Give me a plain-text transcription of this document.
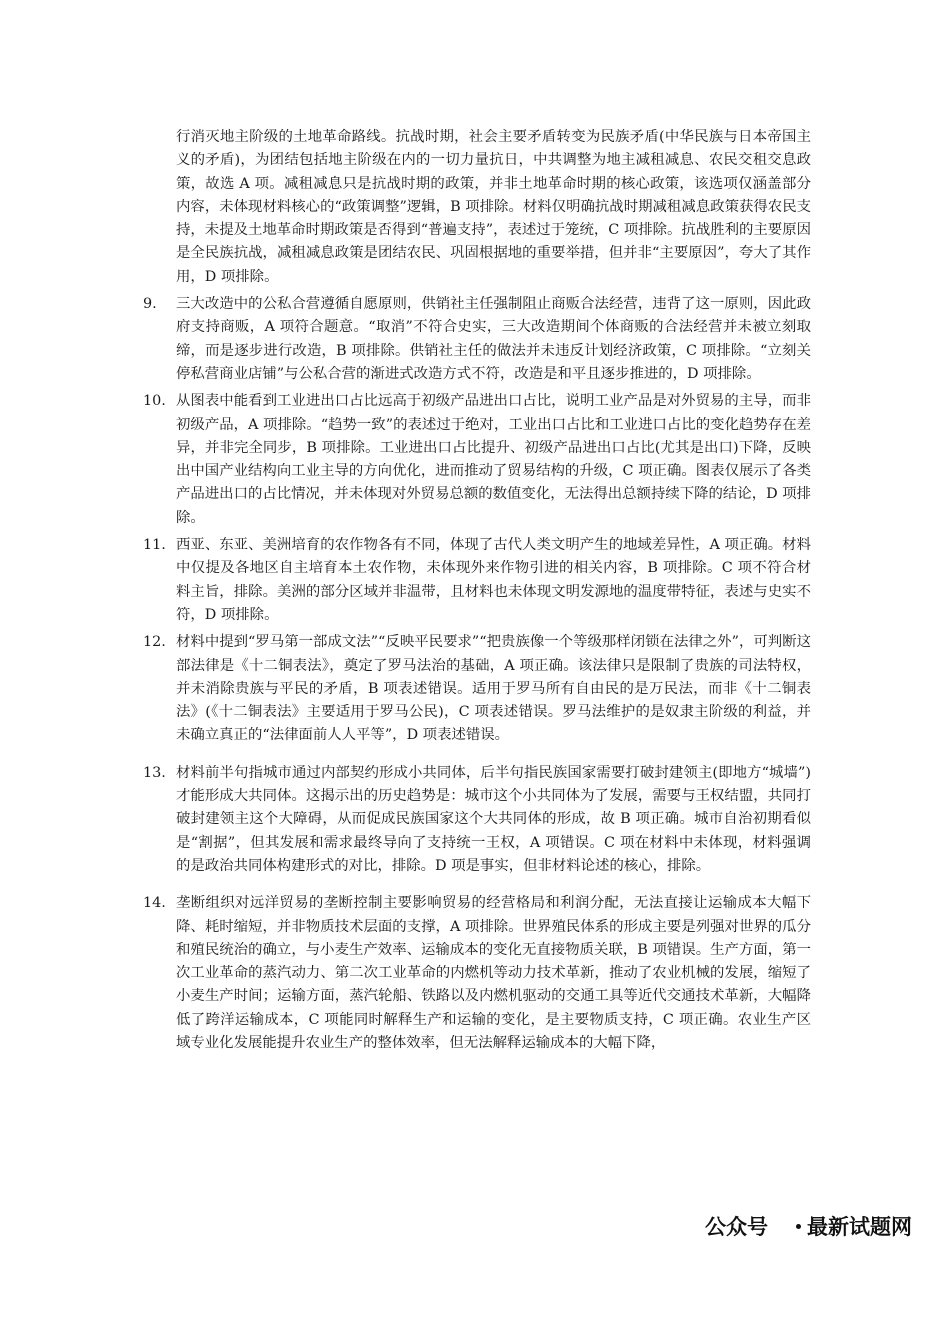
行消灭地主阶级的土地革命路线。抗战时期，社会主要矛盾转变为民族矛盾(中华民族与日本帝国主义的矛盾)，为团结包括地主阶级在内的一切力量抗日，中共调整为地主减租减息、农民交租交息政策，故选 A 项。减租减息只是抗战时期的政策，并非土地革命时期的核心政策，该选项仅涵盖部分内容，未体现材料核心的“政策调整”逻辑，B 项排除。材料仅明确抗战时期减租减息政策获得农民支持，未提及土地革命时期政策是否得到“普遍支持”，表述过于笼统，C 项排除。抗战胜利的主要原因是全民族抗战，减租减息政策是团结农民、巩固根据地的重要举措，但并非“主要原因”，夸大了其作用，D 项排除。

9.	三大改造中的公私合营遵循自愿原则，供销社主任强制阻止商贩合法经营，违背了这一原则，因此政府支持商贩，A 项符合题意。“取消”不符合史实，三大改造期间个体商贩的合法经营并未被立刻取缔，而是逐步进行改造，B 项排除。供销社主任的做法并未违反计划经济政策，C 项排除。“立刻关停私营商业店铺”与公私合营的渐进式改造方式不符，改造是和平且逐步推进的，D 项排除。

10. 从图表中能看到工业进出口占比远高于初级产品进出口占比，说明工业产品是对外贸易的主导，而非初级产品，A 项排除。“趋势一致”的表述过于绝对，工业出口占比和工业进口占比的变化趋势存在差异，并非完全同步，B 项排除。工业进出口占比提升、初级产品进出口占比(尤其是出口)下降，反映出中国产业结构向工业主导的方向优化，进而推动了贸易结构的升级，C 项正确。图表仅展示了各类产品进出口的占比情况，并未体现对外贸易总额的数值变化，无法得出总额持续下降的结论，D 项排除。

11. 西亚、东亚、美洲培育的农作物各有不同，体现了古代人类文明产生的地域差异性，A 项正确。材料中仅提及各地区自主培育本土农作物，未体现外来作物引进的相关内容，B 项排除。C 项不符合材料主旨，排除。美洲的部分区域并非温带，且材料也未体现文明发源地的温度带特征，表述与史实不符，D 项排除。

12. 材料中提到“罗马第一部成文法”“反映平民要求”“把贵族像一个等级那样闭锁在法律之外”，可判断这部法律是《十二铜表法》，奠定了罗马法治的基础，A 项正确。该法律只是限制了贵族的司法特权，并未消除贵族与平民的矛盾，B 项表述错误。适用于罗马所有自由民的是万民法，而非《十二铜表法》(《十二铜表法》主要适用于罗马公民)，C 项表述错误。罗马法维护的是奴隶主阶级的利益，并未确立真正的“法律面前人人平等”，D 项表述错误。

13. 材料前半句指城市通过内部契约形成小共同体，后半句指民族国家需要打破封建领主(即地方“城墙”)才能形成大共同体。这揭示出的历史趋势是：城市这个小共同体为了发展，需要与王权结盟，共同打破封建领主这个大障碍，从而促成民族国家这个大共同体的形成，故 B 项正确。城市自治初期看似是“割据”，但其发展和需求最终导向了支持统一王权，A 项错误。C 项在材料中未体现，材料强调的是政治共同体构建形式的对比，排除。D 项是事实，但非材料论述的核心，排除。

14. 垄断组织对远洋贸易的垄断控制主要影响贸易的经营格局和利润分配，无法直接让运输成本大幅下降、耗时缩短，并非物质技术层面的支撑，A 项排除。世界殖民体系的形成主要是列强对世界的瓜分和殖民统治的确立，与小麦生产效率、运输成本的变化无直接物质关联，B 项错误。生产方面，第一次工业革命的蒸汽动力、第二次工业革命的内燃机等动力技术革新，推动了农业机械的发展，缩短了小麦生产时间；运输方面，蒸汽轮船、铁路以及内燃机驱动的交通工具等近代交通技术革新，大幅降低了跨洋运输成本，C 项能同时解释生产和运输的变化，是主要物质支持，C 项正确。农业生产区域专业化发展能提升农业生产的整体效率，但无法解释运输成本的大幅下降，

公众号 最新试题网
